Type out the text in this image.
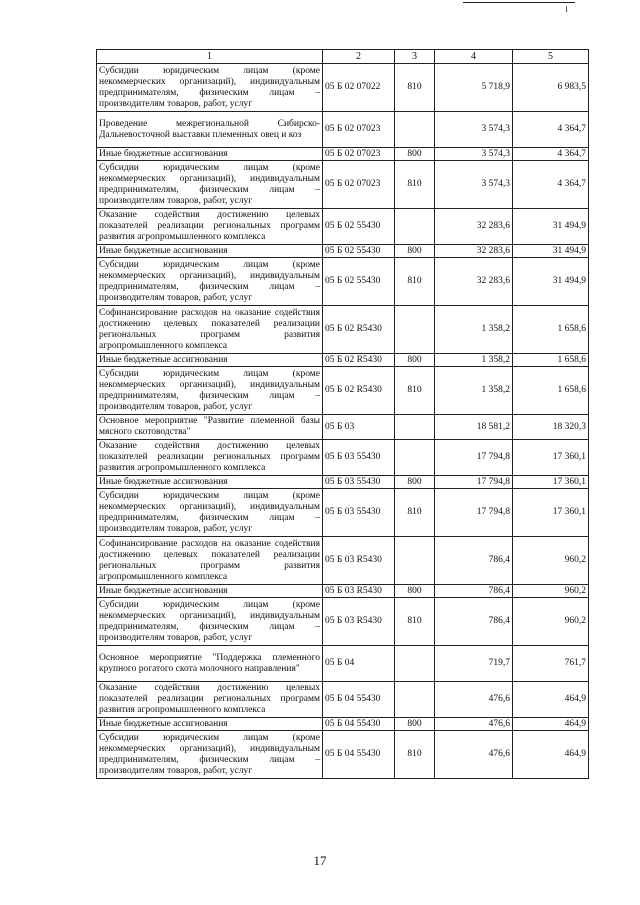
1	2	3	4	5
Субсидии юридическим лицам (кроме некоммерческих организаций), индивидуальным предпринимателям, физическим лицам – производителям товаров, работ, услуг	05 Б 02 07022	810	5 718,9	6 983,5
Проведение межрегиональной Сибирско-Дальневосточной выставки племенных овец и коз	05 Б 02 07023		3 574,3	4 364,7
Иные бюджетные ассигнования	05 Б 02 07023	800	3 574,3	4 364,7
Субсидии юридическим лицам (кроме некоммерческих организаций), индивидуальным предпринимателям, физическим лицам – производителям товаров, работ, услуг	05 Б 02 07023	810	3 574,3	4 364,7
Оказание содействия достижению целевых показателей реализации региональных программ развития агропромышленного комплекса	05 Б 02 55430		32 283,6	31 494,9
Иные бюджетные ассигнования	05 Б 02 55430	800	32 283,6	31 494,9
Субсидии юридическим лицам (кроме некоммерческих организаций), индивидуальным предпринимателям, физическим лицам – производителям товаров, работ, услуг	05 Б 02 55430	810	32 283,6	31 494,9
Софинансирование расходов на оказание содействия достижению целевых показателей реализации региональных программ развития агропромышленного комплекса	05 Б 02 R5430		1 358,2	1 658,6
Иные бюджетные ассигнования	05 Б 02 R5430	800	1 358,2	1 658,6
Субсидии юридическим лицам (кроме некоммерческих организаций), индивидуальным предпринимателям, физическим лицам – производителям товаров, работ, услуг	05 Б 02 R5430	810	1 358,2	1 658,6
Основное мероприятие "Развитие племенной базы мясного скотоводства"	05 Б 03		18 581,2	18 320,3
Оказание содействия достижению целевых показателей реализации региональных программ развития агропромышленного комплекса	05 Б 03 55430		17 794,8	17 360,1
Иные бюджетные ассигнования	05 Б 03 55430	800	17 794,8	17 360,1
Субсидии юридическим лицам (кроме некоммерческих организаций), индивидуальным предпринимателям, физическим лицам – производителям товаров, работ, услуг	05 Б 03 55430	810	17 794,8	17 360,1
Софинансирование расходов на оказание содействия достижению целевых показателей реализации региональных программ развития агропромышленного комплекса	05 Б 03 R5430		786,4	960,2
Иные бюджетные ассигнования	05 Б 03 R5430	800	786,4	960,2
Субсидии юридическим лицам (кроме некоммерческих организаций), индивидуальным предпринимателям, физическим лицам – производителям товаров, работ, услуг	05 Б 03 R5430	810	786,4	960,2
Основное мероприятие "Поддержка племенного крупного рогатого скота молочного направления"	05 Б 04		719,7	761,7
Оказание содействия достижению целевых показателей реализации региональных программ развития агропромышленного комплекса	05 Б 04 55430		476,6	464,9
Иные бюджетные ассигнования	05 Б 04 55430	800	476,6	464,9
Субсидии юридическим лицам (кроме некоммерческих организаций), индивидуальным предпринимателям, физическим лицам – производителям товаров, работ, услуг	05 Б 04 55430	810	476,6	464,9
17
